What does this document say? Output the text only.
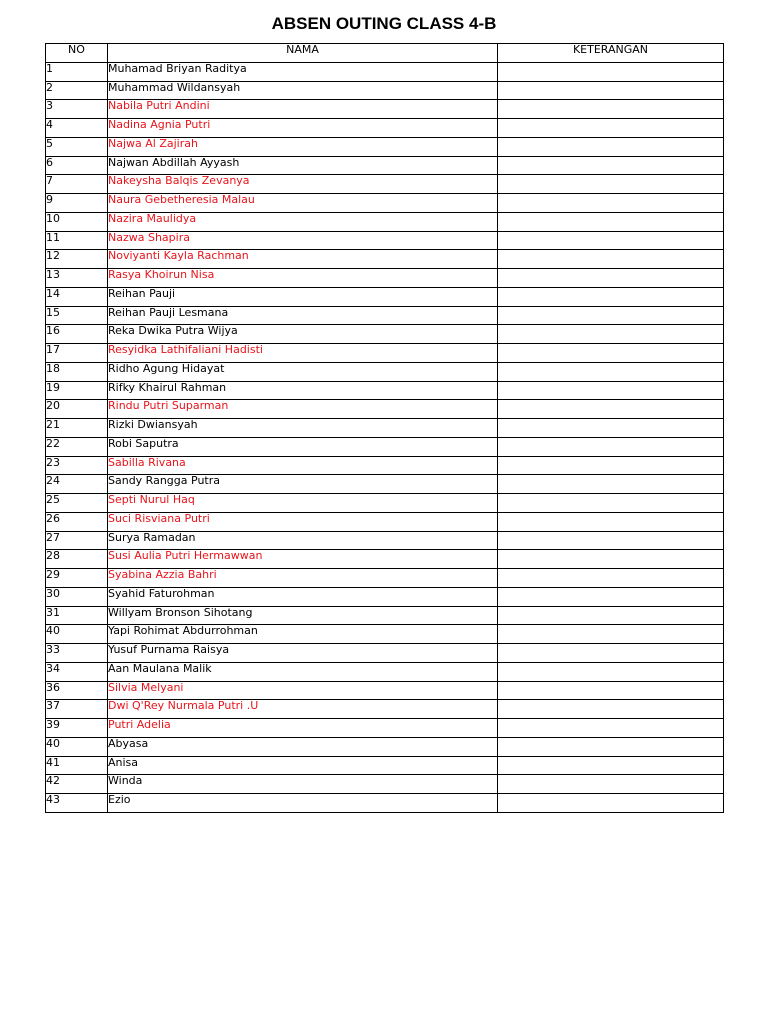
ABSEN OUTING CLASS 4-B
NO	NAMA	KETERANGAN
1	Muhamad Briyan Raditya	
2	Muhammad Wildansyah	
3	Nabila Putri Andini	
4	Nadina Agnia Putri	
5	Najwa Al Zajirah	
6	Najwan Abdillah Ayyash	
7	Nakeysha Balqis Zevanya	
9	Naura Gebetheresia Malau	
10	Nazira Maulidya	
11	Nazwa Shapira	
12	Noviyanti Kayla Rachman	
13	Rasya Khoirun Nisa	
14	Reihan Pauji	
15	Reihan Pauji Lesmana	
16	Reka Dwika Putra Wijya	
17	Resyidka Lathifaliani Hadisti	
18	Ridho Agung Hidayat	
19	Rifky Khairul Rahman	
20	Rindu Putri Suparman	
21	Rizki Dwiansyah	
22	Robi Saputra	
23	Sabilla Rivana	
24	Sandy Rangga Putra	
25	Septi Nurul Haq	
26	Suci Risviana Putri	
27	Surya Ramadan	
28	Susi Aulia Putri Hermawwan	
29	Syabina Azzia Bahri	
30	Syahid Faturohman	
31	Willyam Bronson Sihotang	
40	Yapi Rohimat Abdurrohman	
33	Yusuf Purnama Raisya	
34	Aan Maulana Malik	
36	Silvia Melyani	
37	Dwi Q'Rey Nurmala Putri .U	
39	Putri Adelia	
40	Abyasa	
41	Anisa	
42	Winda	
43	Ezio	
